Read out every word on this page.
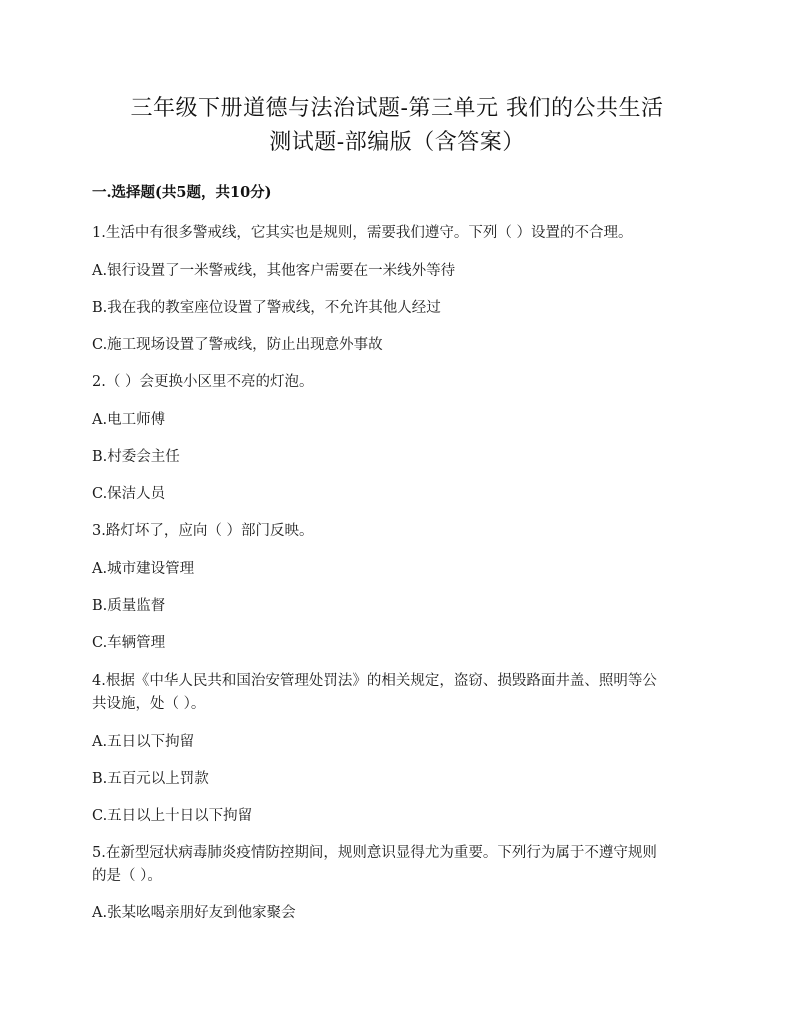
三年级下册道德与法治试题-第三单元 我们的公共生活
测试题-部编版（含答案）
一.选择题(共5题，共10分)
1.生活中有很多警戒线，它其实也是规则，需要我们遵守。下列（ ）设置的不合理。
A.银行设置了一米警戒线，其他客户需要在一米线外等待
B.我在我的教室座位设置了警戒线，不允许其他人经过
C.施工现场设置了警戒线，防止出现意外事故
2.（ ）会更换小区里不亮的灯泡。
A.电工师傅
B.村委会主任
C.保洁人员
3.路灯坏了，应向（ ）部门反映。
A.城市建设管理
B.质量监督
C.车辆管理
4.根据《中华人民共和国治安管理处罚法》的相关规定，盗窃、损毁路面井盖、照明等公
共设施，处（ ）。
A.五日以下拘留
B.五百元以上罚款
C.五日以上十日以下拘留
5.在新型冠状病毒肺炎疫情防控期间，规则意识显得尤为重要。下列行为属于不遵守规则
的是（ ）。
A.张某吆喝亲朋好友到他家聚会
